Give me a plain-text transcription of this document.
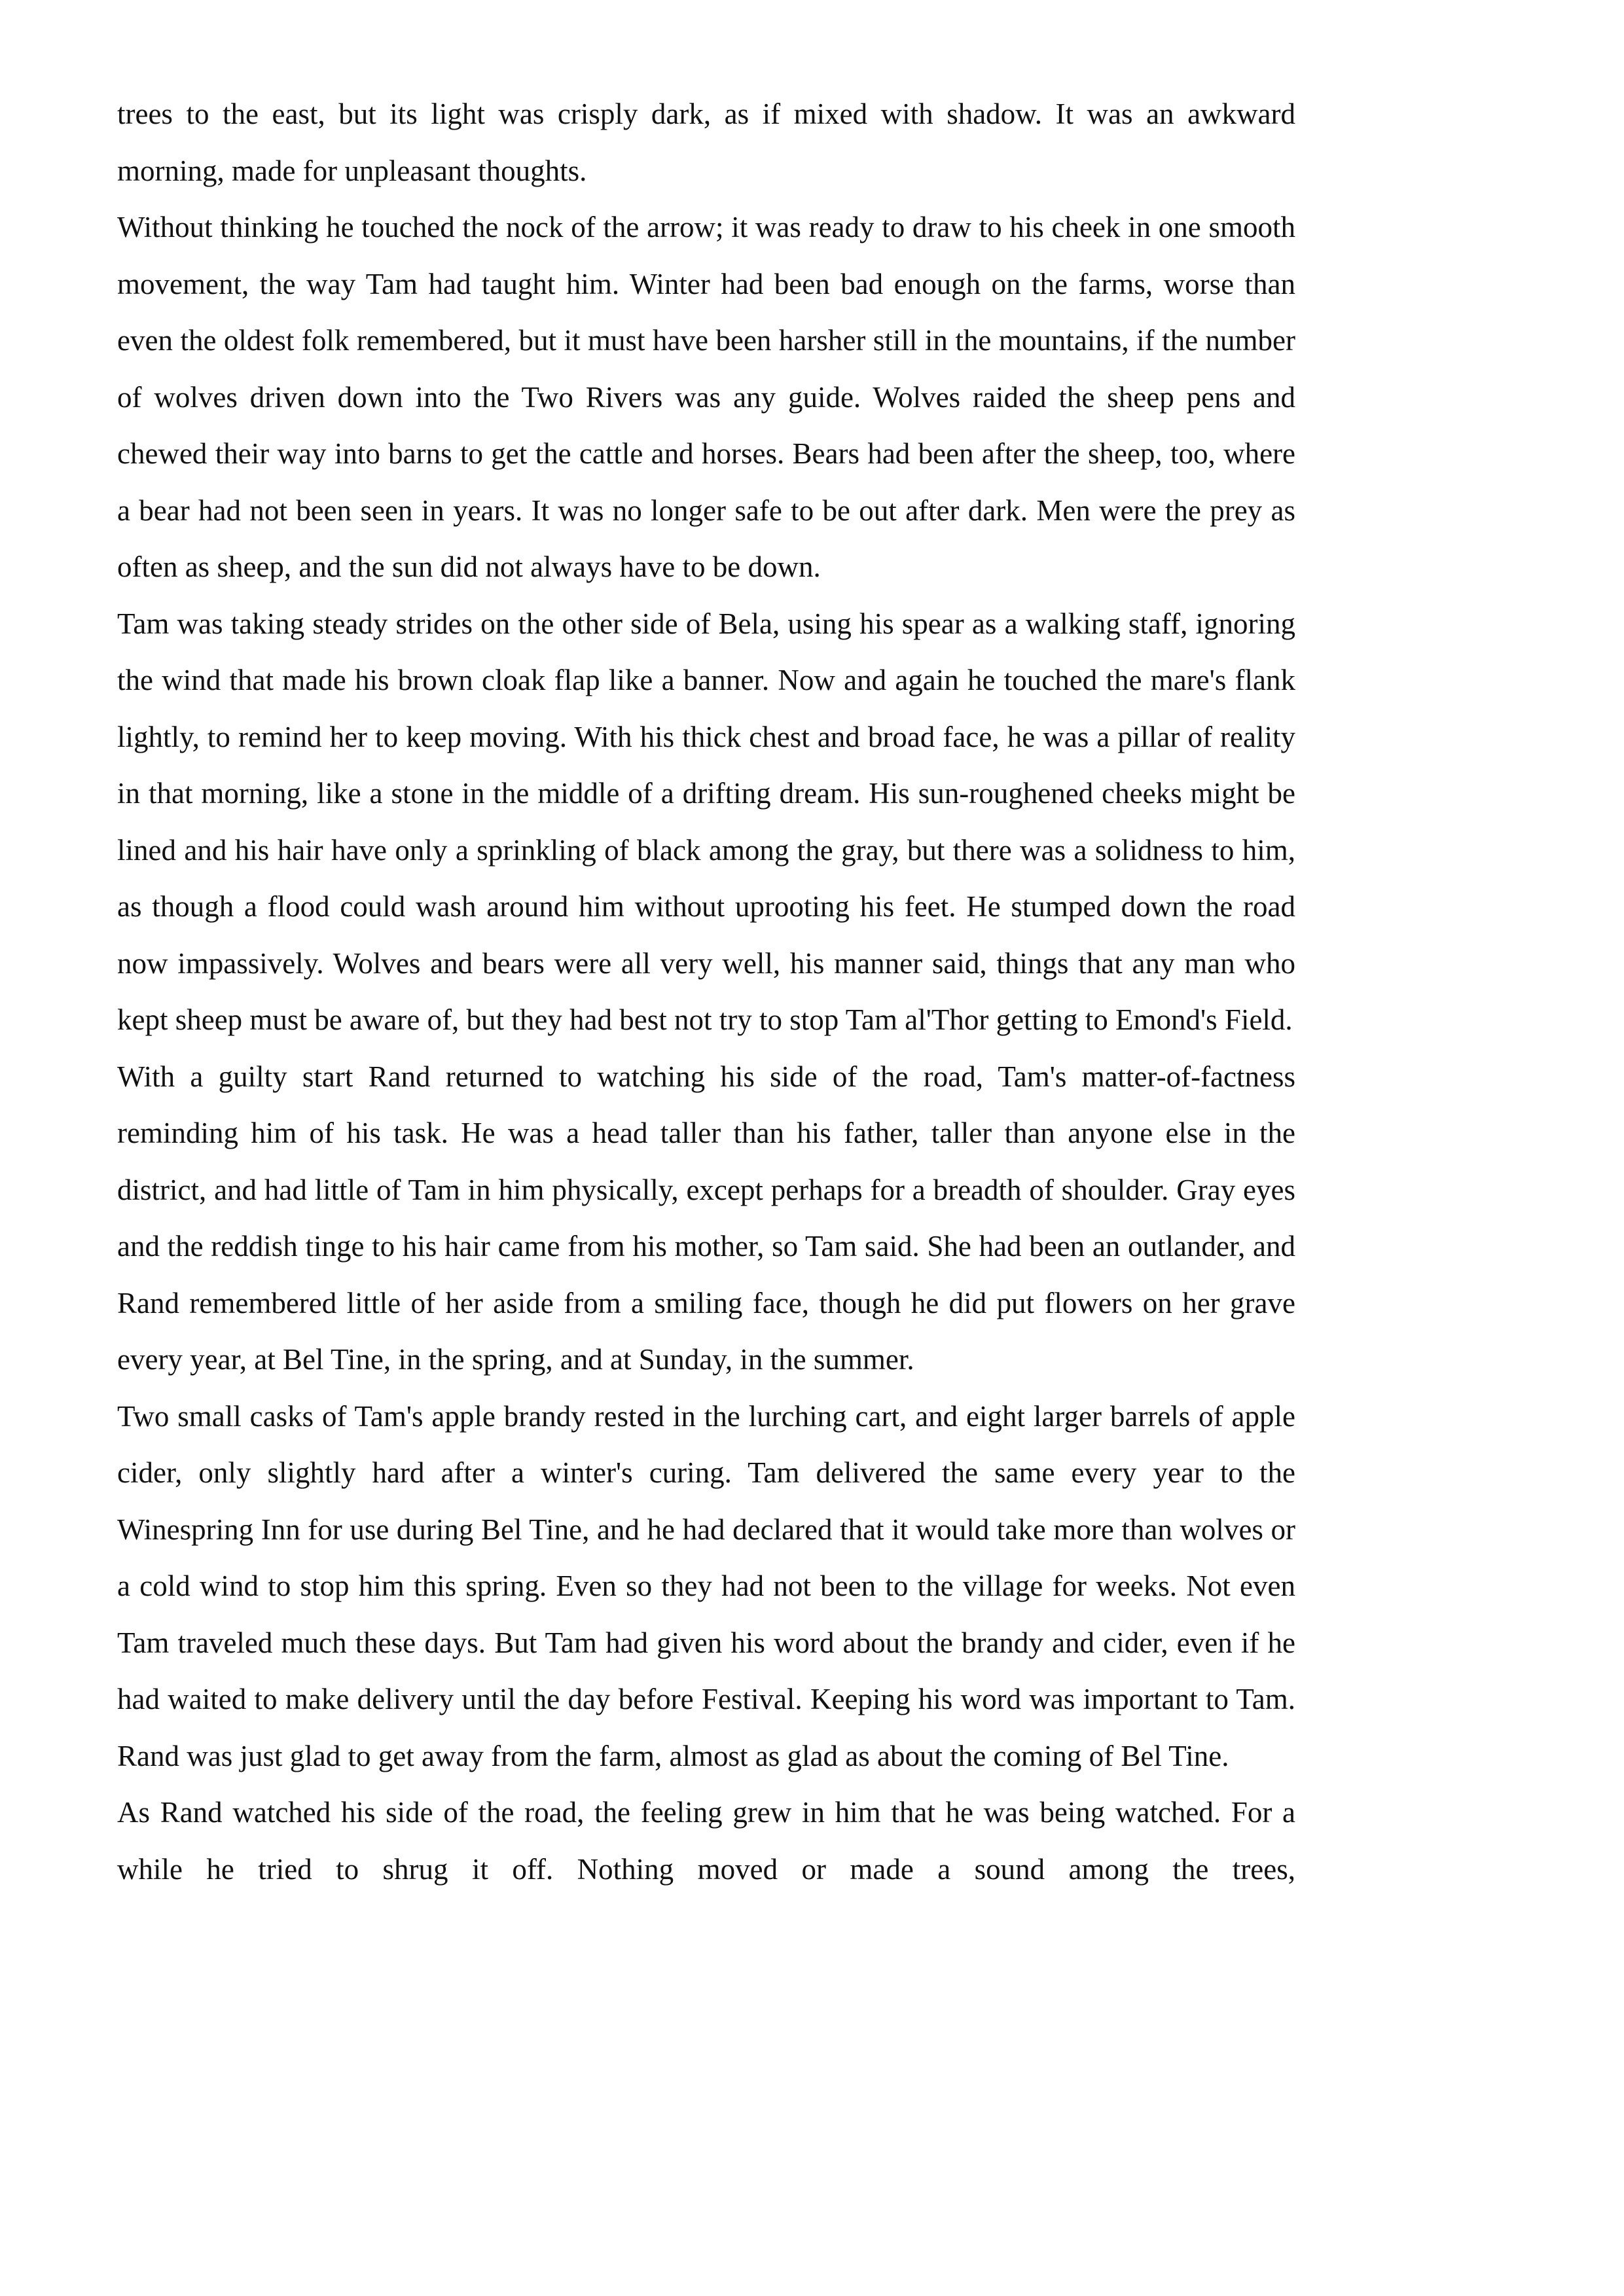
trees to the east, but its light was crisply dark, as if mixed with shadow. It was an awkward morning, made for unpleasant thoughts.

Without thinking he touched the nock of the arrow; it was ready to draw to his cheek in one smooth movement, the way Tam had taught him. Winter had been bad enough on the farms, worse than even the oldest folk remembered, but it must have been harsher still in the mountains, if the number of wolves driven down into the Two Rivers was any guide. Wolves raided the sheep pens and chewed their way into barns to get the cattle and horses. Bears had been after the sheep, too, where a bear had not been seen in years. It was no longer safe to be out after dark. Men were the prey as often as sheep, and the sun did not always have to be down.

Tam was taking steady strides on the other side of Bela, using his spear as a walking staff, ignoring the wind that made his brown cloak flap like a banner. Now and again he touched the mare's flank lightly, to remind her to keep moving. With his thick chest and broad face, he was a pillar of reality in that morning, like a stone in the middle of a drifting dream. His sun-roughened cheeks might be lined and his hair have only a sprinkling of black among the gray, but there was a solidness to him, as though a flood could wash around him without uprooting his feet. He stumped down the road now impassively. Wolves and bears were all very well, his manner said, things that any man who kept sheep must be aware of, but they had best not try to stop Tam al'Thor getting to Emond's Field.

With a guilty start Rand returned to watching his side of the road, Tam's matter-of-factness reminding him of his task. He was a head taller than his father, taller than anyone else in the district, and had little of Tam in him physically, except perhaps for a breadth of shoulder. Gray eyes and the reddish tinge to his hair came from his mother, so Tam said. She had been an outlander, and Rand remembered little of her aside from a smiling face, though he did put flowers on her grave every year, at Bel Tine, in the spring, and at Sunday, in the summer.

Two small casks of Tam's apple brandy rested in the lurching cart, and eight larger barrels of apple cider, only slightly hard after a winter's curing. Tam delivered the same every year to the Winespring Inn for use during Bel Tine, and he had declared that it would take more than wolves or a cold wind to stop him this spring. Even so they had not been to the village for weeks. Not even Tam traveled much these days. But Tam had given his word about the brandy and cider, even if he had waited to make delivery until the day before Festival. Keeping his word was important to Tam. Rand was just glad to get away from the farm, almost as glad as about the coming of Bel Tine.

As Rand watched his side of the road, the feeling grew in him that he was being watched. For a while he tried to shrug it off. Nothing moved or made a sound among the trees,
